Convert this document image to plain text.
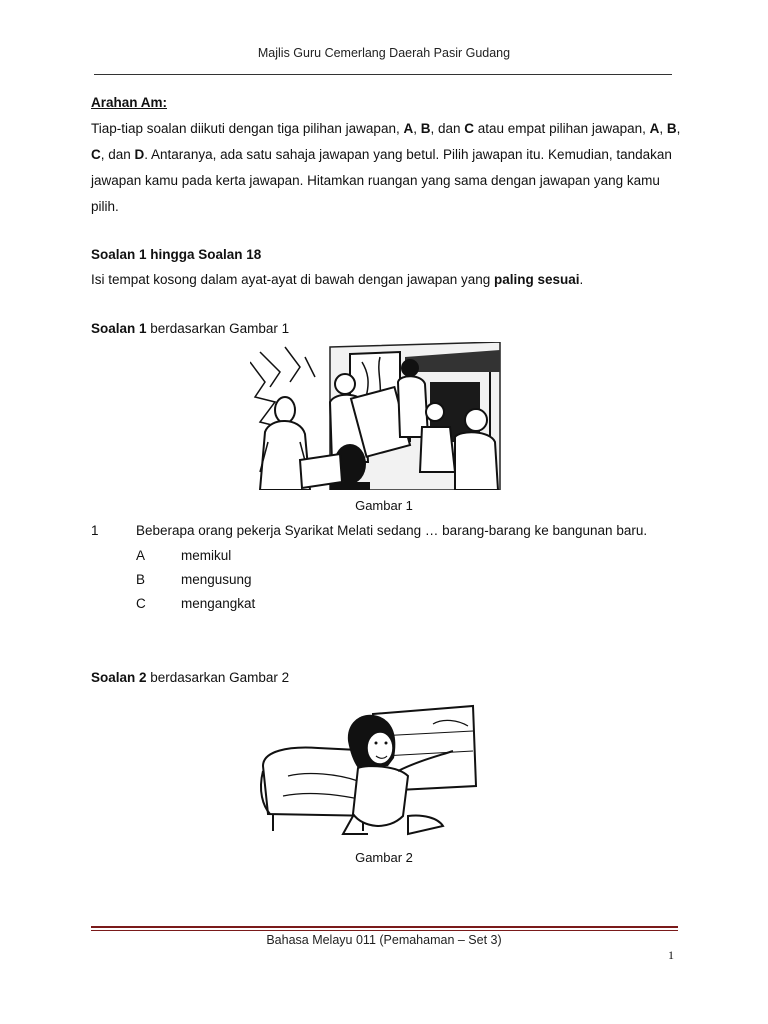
Majlis Guru Cemerlang Daerah Pasir Gudang
Arahan Am:
Tiap-tiap soalan diikuti dengan tiga pilihan jawapan, A, B, dan C atau empat pilihan jawapan, A, B, C, dan D. Antaranya, ada satu sahaja jawapan yang betul. Pilih jawapan itu. Kemudian, tandakan jawapan kamu pada kerta jawapan. Hitamkan ruangan yang sama dengan jawapan yang kamu pilih.
Soalan 1 hingga Soalan 18
Isi tempat kosong dalam ayat-ayat di bawah dengan jawapan yang paling sesuai.
Soalan 1 berdasarkan Gambar 1
Gambar 1
1	Beberapa orang pekerja Syarikat Melati sedang … barang-barang ke bangunan baru.
A	memikul
B	mengusung
C	mengangkat
Soalan 2 berdasarkan Gambar 2
Gambar 2
Bahasa Melayu 011 (Pemahaman – Set 3)
1
